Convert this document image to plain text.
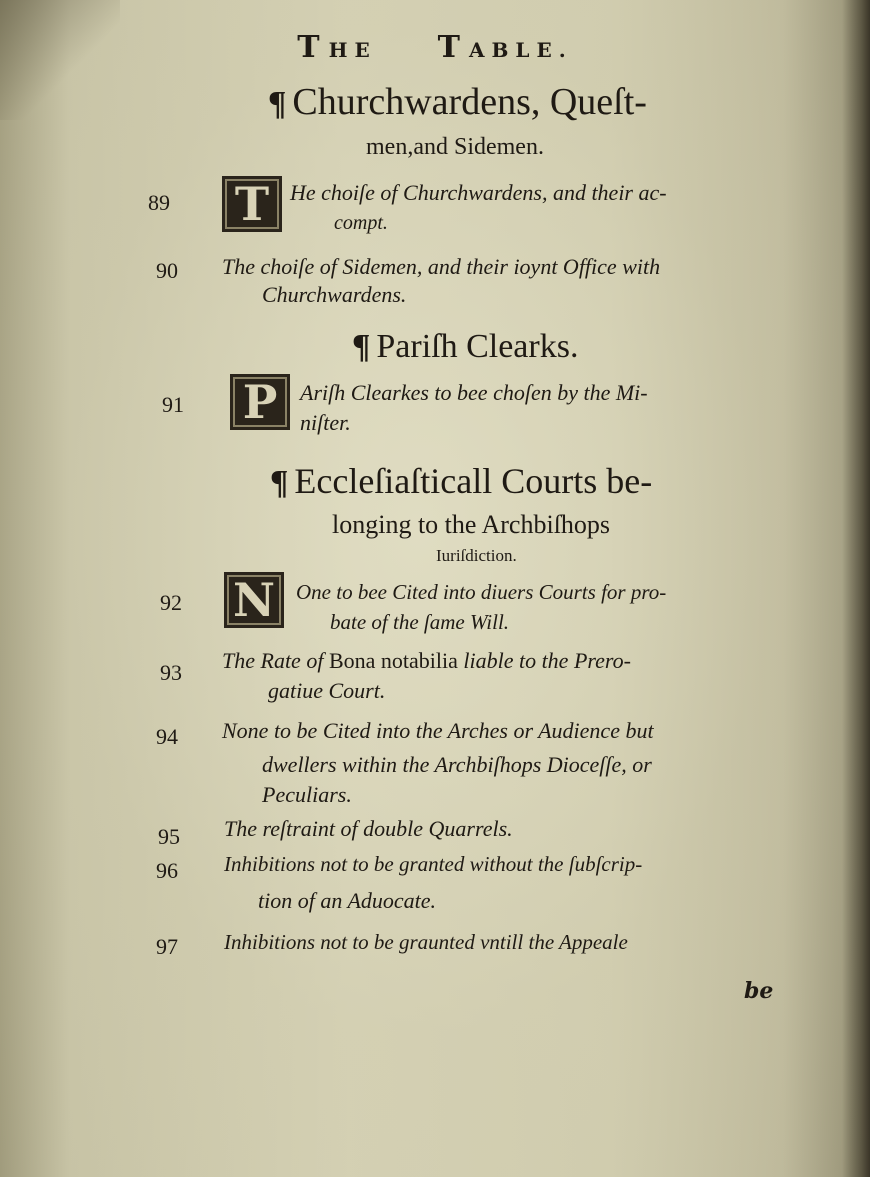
THE TABLE.
¶ Churchwardens, Queſt-
men,and Sidemen.
89 T He choiſe of Churchwardens, and their ac-
compt.
90 The choiſe of Sidemen, and their ioynt Office with
Churchwardens.
¶ Pariſh Clearks.
91 P	Ariſh Clearkes to bee choſen by the Mi-
niſter.
¶ Eccleſiaſticall Courts be-
longing to the Archbiſhops
Iuriſdiction.
92 N One to bee Cited into diuers Courts for pro-
bate of the ſame Will.
93 The Rate of Bona notabilia liable to the Prero-
gatiue Court.
94 None to be Cited into the Arches or Audience but
dwellers within the Archbiſhops Dioceſſe, or
Peculiars.
95 The reſtraint of double Quarrels.
96 Inhibitions not to be granted without the ſubſcrip-
tion of an Aduocate.
97 Inhibitions not to be graunted vntill the Appeale
be
